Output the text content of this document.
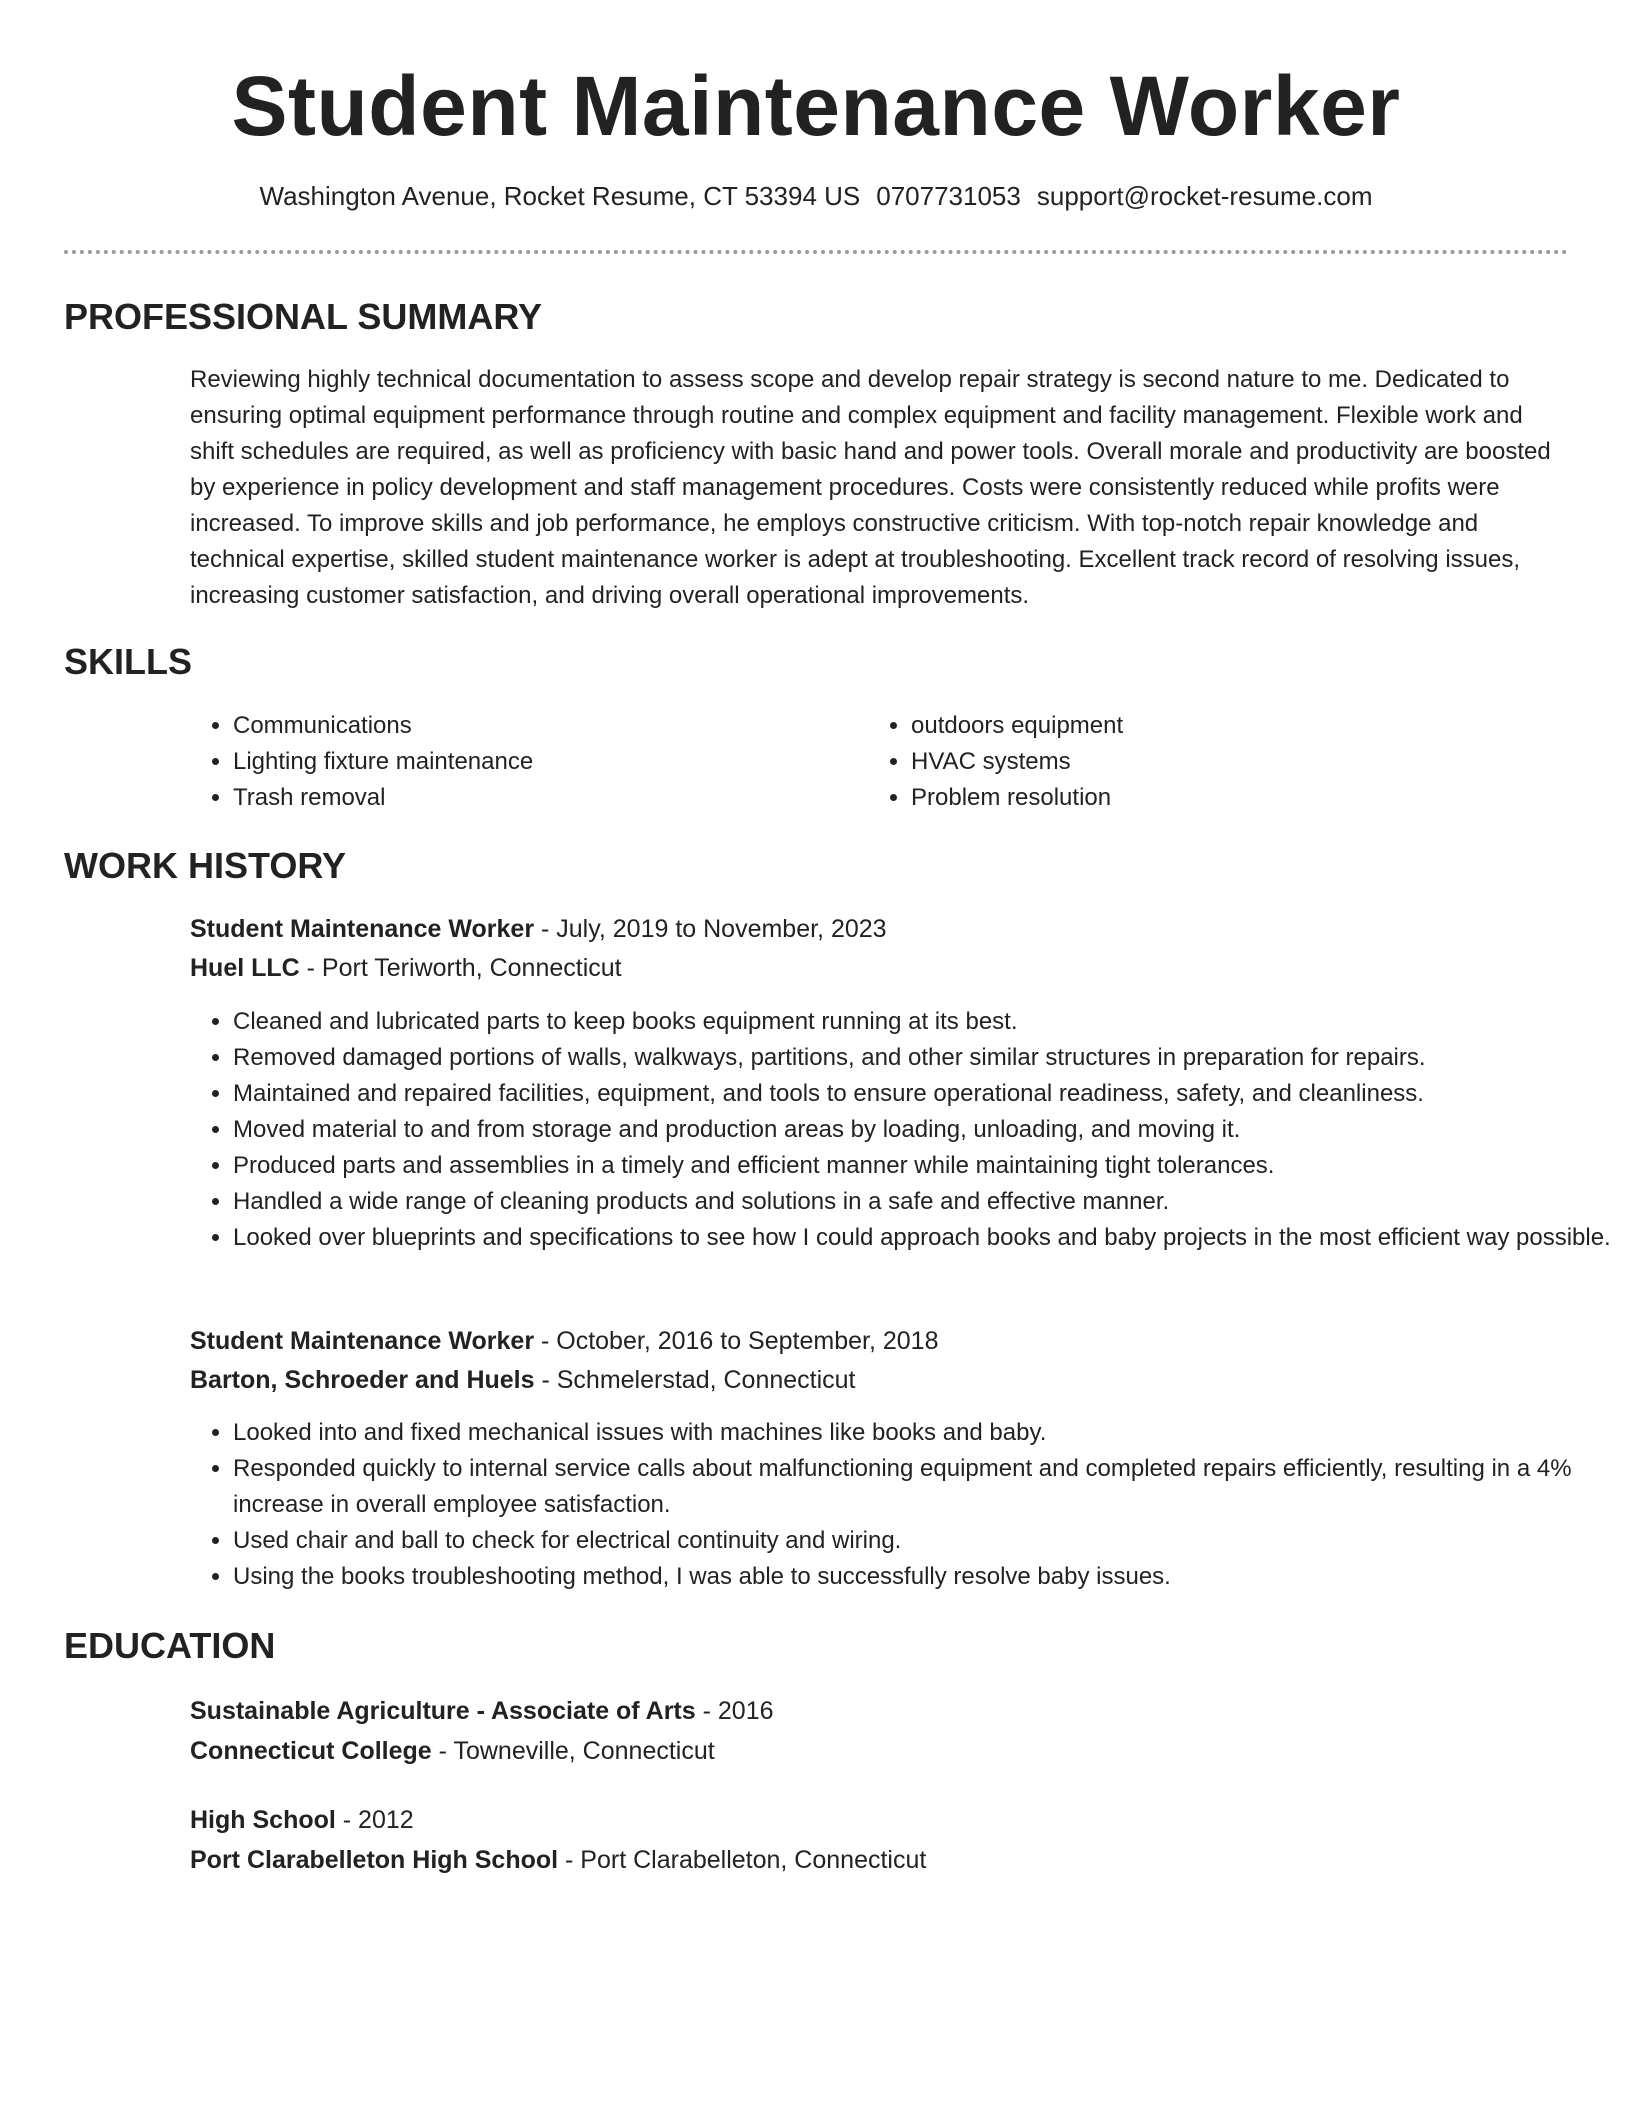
Student Maintenance Worker
Washington Avenue, Rocket Resume, CT 53394 US 0707731053 support@rocket-resume.com
PROFESSIONAL SUMMARY

Reviewing highly technical documentation to assess scope and develop repair strategy is second nature to me. Dedicated to ensuring optimal equipment performance through routine and complex equipment and facility management. Flexible work and shift schedules are required, as well as proficiency with basic hand and power tools. Overall morale and productivity are boosted by experience in policy development and staff management procedures. Costs were consistently reduced while profits were increased. To improve skills and job performance, he employs constructive criticism. With top-notch repair knowledge and technical expertise, skilled student maintenance worker is adept at troubleshooting. Excellent track record of resolving issues, increasing customer satisfaction, and driving overall operational improvements.

SKILLS
• Communications
• Lighting fixture maintenance
• Trash removal
• outdoors equipment
• HVAC systems
• Problem resolution
WORK HISTORY
Student Maintenance Worker - July, 2019 to November, 2023
Huel LLC - Port Teriworth, Connecticut
• Cleaned and lubricated parts to keep books equipment running at its best.
• Removed damaged portions of walls, walkways, partitions, and other similar structures in preparation for repairs.
• Maintained and repaired facilities, equipment, and tools to ensure operational readiness, safety, and cleanliness.
• Moved material to and from storage and production areas by loading, unloading, and moving it.
• Produced parts and assemblies in a timely and efficient manner while maintaining tight tolerances.
• Handled a wide range of cleaning products and solutions in a safe and effective manner.
• Looked over blueprints and specifications to see how I could approach books and baby projects in the most efficient way possible.
Student Maintenance Worker - October, 2016 to September, 2018
Barton, Schroeder and Huels - Schmelerstad, Connecticut
• Looked into and fixed mechanical issues with machines like books and baby.
• Responded quickly to internal service calls about malfunctioning equipment and completed repairs efficiently, resulting in a 4% increase in overall employee satisfaction.
• Used chair and ball to check for electrical continuity and wiring.
• Using the books troubleshooting method, I was able to successfully resolve baby issues.
EDUCATION
Sustainable Agriculture - Associate of Arts - 2016
Connecticut College - Towneville, Connecticut
High School - 2012
Port Clarabelleton High School - Port Clarabelleton, Connecticut
